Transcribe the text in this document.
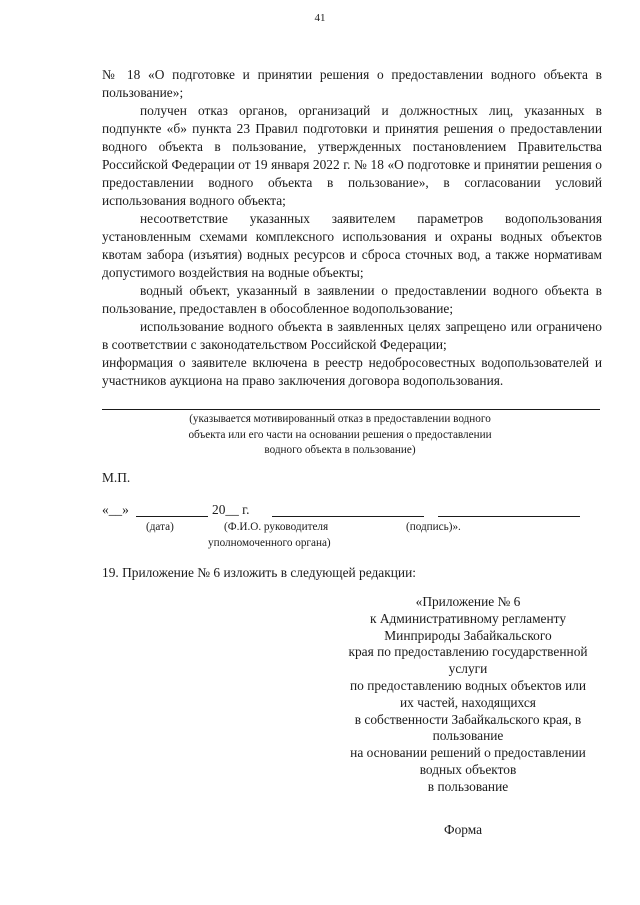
41

№ 18 «О подготовке и принятии решения о предоставлении водного объекта в пользование»;

получен отказ органов, организаций и должностных лиц, указанных в подпункте «б» пункта 23 Правил подготовки и принятия решения о предоставлении водного объекта в пользование, утвержденных постановлением Правительства Российской Федерации от 19 января 2022 г. № 18 «О подготовке и принятии решения о предоставлении водного объекта в пользование», в согласовании условий использования водного объекта;

несоответствие указанных заявителем параметров водопользования установленным схемами комплексного использования и охраны водных объектов квотам забора (изъятия) водных ресурсов и сброса сточных вод, а также нормативам допустимого воздействия на водные объекты;

водный объект, указанный в заявлении о предоставлении водного объекта в пользование, предоставлен в обособленное водопользование;

использование водного объекта в заявленных целях запрещено или ограничено в соответствии с законодательством Российской Федерации;

информация о заявителе включена в реестр недобросовестных водопользователей и участников аукциона на право заключения договора водопользования.

(указывается мотивированный отказ в предоставлении водного
объекта или его части на основании решения о предоставлении
водного объекта в пользование)
М.П.
«__»	20__ г.
(дата)	(Ф.И.О. руководителя
уполномоченного органа)
(подпись)».
19. Приложение № 6 изложить в следующей редакции:
«Приложение № 6
к Административному регламенту
Минприроды Забайкальского
края по предоставлению государственной
услуги
по предоставлению водных объектов или
их частей, находящихся
в собственности Забайкальского края, в
пользование
на основании решений о предоставлении
водных объектов
в пользование
Форма
